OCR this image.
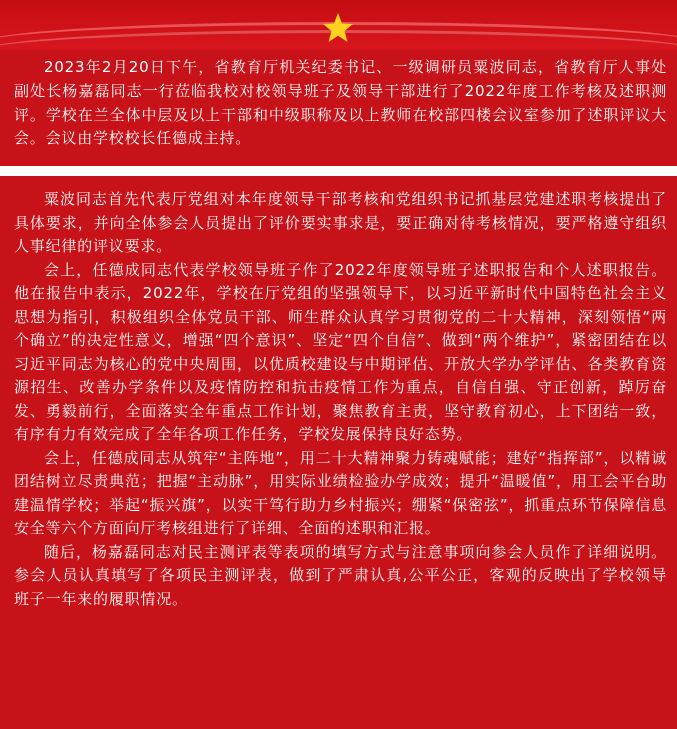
2023年2月20日下午，省教育厅机关纪委书记、一级调研员粟波同志，省教育厅人事处副处长杨嘉磊同志一行莅临我校对校领导班子及领导干部进行了2022年度工作考核及述职测评。学校在兰全体中层及以上干部和中级职称及以上教师在校部四楼会议室参加了述职评议大会。会议由学校校长任德成主持。

粟波同志首先代表厅党组对本年度领导干部考核和党组织书记抓基层党建述职考核提出了具体要求，并向全体参会人员提出了评价要实事求是，要正确对待考核情况，要严格遵守组织人事纪律的评议要求。

会上，任德成同志代表学校领导班子作了2022年度领导班子述职报告和个人述职报告。他在报告中表示，2022年，学校在厅党组的坚强领导下，以习近平新时代中国特色社会主义思想为指引，积极组织全体党员干部、师生群众认真学习贯彻党的二十大精神，深刻领悟“两个确立”的决定性意义，增强“四个意识”、坚定“四个自信”、做到“两个维护”，紧密团结在以习近平同志为核心的党中央周围，以优质校建设与中期评估、开放大学办学评估、各类教育资源招生、改善办学条件以及疫情防控和抗击疫情工作为重点，自信自强、守正创新，踔厉奋发、勇毅前行，全面落实全年重点工作计划，聚焦教育主责，坚守教育初心，上下团结一致，有序有力有效完成了全年各项工作任务，学校发展保持良好态势。

会上，任德成同志从筑牢“主阵地”，用二十大精神聚力铸魂赋能；建好“指挥部”，以精诚团结树立尽责典范；把握“主动脉”，用实际业绩检验办学成效；提升“温暖值”，用工会平台助建温情学校；举起“振兴旗”，以实干笃行助力乡村振兴；绷紧“保密弦”，抓重点环节保障信息安全等六个方面向厅考核组进行了详细、全面的述职和汇报。

随后，杨嘉磊同志对民主测评表等表项的填写方式与注意事项向参会人员作了详细说明。参会人员认真填写了各项民主测评表，做到了严肃认真,公平公正，客观的反映出了学校领导班子一年来的履职情况。
